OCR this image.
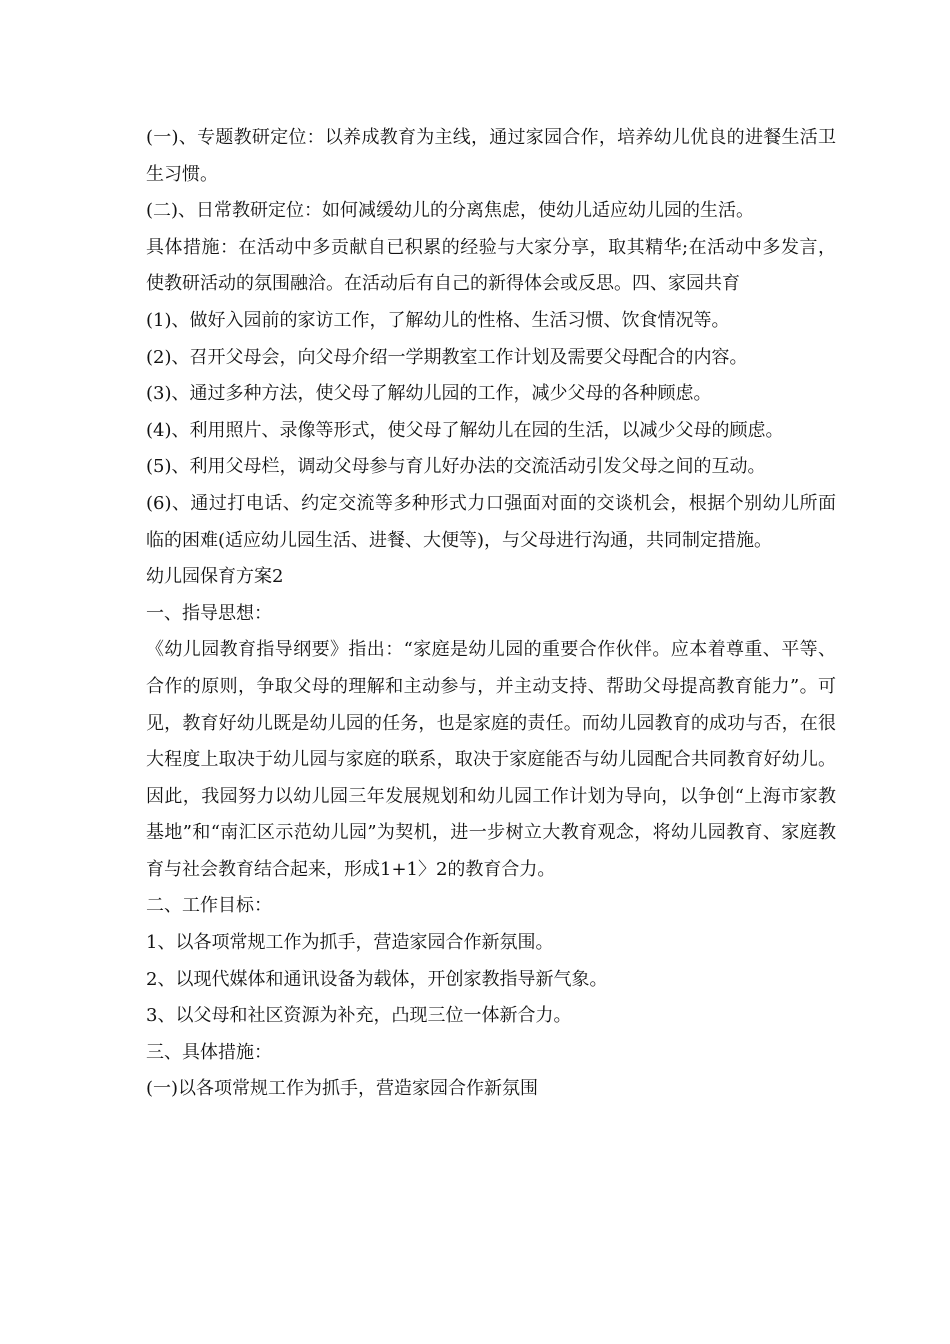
(一)、专题教研定位：以养成教育为主线，通过家园合作，培养幼儿优良的进餐生活卫生习惯。

(二)、日常教研定位：如何减缓幼儿的分离焦虑，使幼儿适应幼儿园的生活。

具体措施：在活动中多贡献自已积累的经验与大家分享，取其精华;在活动中多发言，使教研活动的氛围融洽。在活动后有自己的新得体会或反思。四、家园共育

(1)、做好入园前的家访工作，了解幼儿的性格、生活习惯、饮食情况等。

(2)、召开父母会，向父母介绍一学期教室工作计划及需要父母配合的内容。

(3)、通过多种方法，使父母了解幼儿园的工作，减少父母的各种顾虑。

(4)、利用照片、录像等形式，使父母了解幼儿在园的生活，以减少父母的顾虑。

(5)、利用父母栏，调动父母参与育儿好办法的交流活动引发父母之间的互动。

(6)、通过打电话、约定交流等多种形式力口强面对面的交谈机会，根据个别幼儿所面临的困难(适应幼儿园生活、进餐、大便等)，与父母进行沟通，共同制定措施。

幼儿园保育方案2

一、指导思想：

《幼儿园教育指导纲要》指出：“家庭是幼儿园的重要合作伙伴。应本着尊重、平等、合作的原则，争取父母的理解和主动参与，并主动支持、帮助父母提高教育能力”。可见，教育好幼儿既是幼儿园的任务，也是家庭的责任。而幼儿园教育的成功与否，在很大程度上取决于幼儿园与家庭的联系，取决于家庭能否与幼儿园配合共同教育好幼儿。因此，我园努力以幼儿园三年发展规划和幼儿园工作计划为导向，以争创“上海市家教基地”和“南汇区示范幼儿园”为契机，进一步树立大教育观念，将幼儿园教育、家庭教育与社会教育结合起来，形成1+1〉2的教育合力。

二、工作目标：

1、以各项常规工作为抓手，营造家园合作新氛围。

2、以现代媒体和通讯设备为载体，开创家教指导新气象。

3、以父母和社区资源为补充，凸现三位一体新合力。

三、具体措施：

(一)以各项常规工作为抓手，营造家园合作新氛围
